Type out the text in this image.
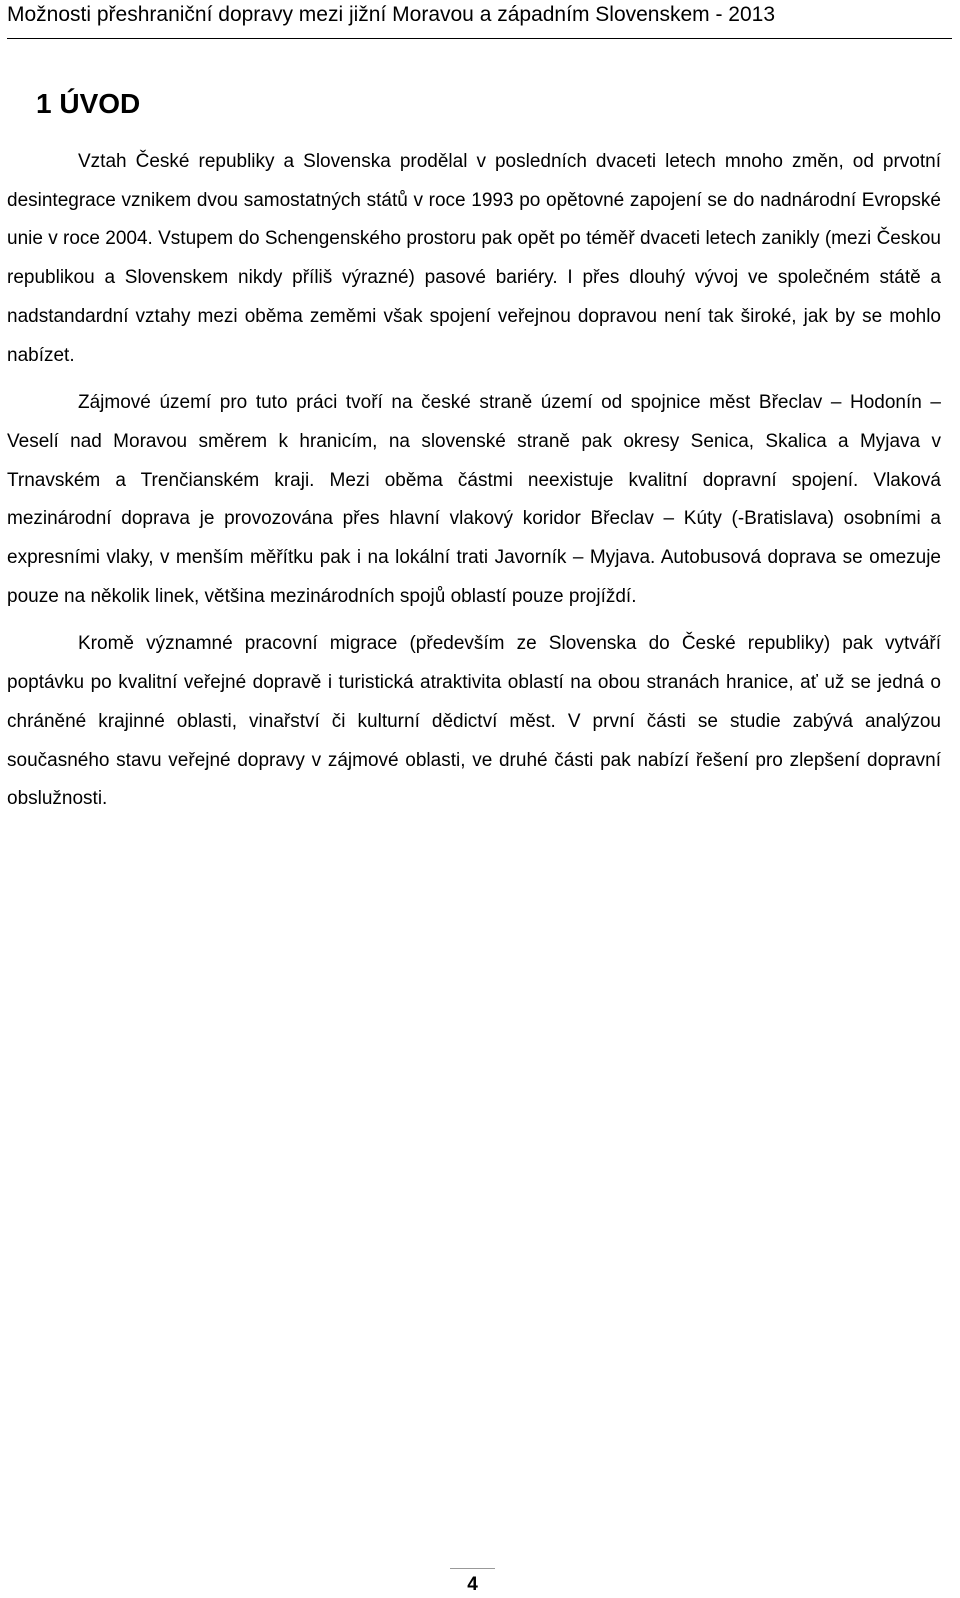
Možnosti přeshraniční dopravy mezi jižní Moravou a západním Slovenskem - 2013
1 ÚVOD

Vztah České republiky a Slovenska prodělal v posledních dvaceti letech mnoho změn, od prvotní desintegrace vznikem dvou samostatných států v roce 1993 po opětovné zapojení se do nadnárodní Evropské unie v roce 2004. Vstupem do Schengenského prostoru pak opět po téměř dvaceti letech zanikly (mezi Českou republikou a Slovenskem nikdy příliš výrazné) pasové bariéry. I přes dlouhý vývoj ve společném státě a nadstandardní vztahy mezi oběma zeměmi však spojení veřejnou dopravou není tak široké, jak by se mohlo nabízet.

Zájmové území pro tuto práci tvoří na české straně území od spojnice měst Břeclav – Hodonín – Veselí nad Moravou směrem k hranicím, na slovenské straně pak okresy Senica, Skalica a Myjava v Trnavském a Trenčianském kraji. Mezi oběma částmi neexistuje kvalitní dopravní spojení. Vlaková mezinárodní doprava je provozována přes hlavní vlakový koridor Břeclav – Kúty (-Bratislava) osobními a expresními vlaky, v menším měřítku pak i na lokální trati Javorník – Myjava. Autobusová doprava se omezuje pouze na několik linek, většina mezinárodních spojů oblastí pouze projíždí.

Kromě významné pracovní migrace (především ze Slovenska do České republiky) pak vytváří poptávku po kvalitní veřejné dopravě i turistická atraktivita oblastí na obou stranách hranice, ať už se jedná o chráněné krajinné oblasti, vinařství či kulturní dědictví měst. V první části se studie zabývá analýzou současného stavu veřejné dopravy v zájmové oblasti, ve druhé části pak nabízí řešení pro zlepšení dopravní obslužnosti.

4
